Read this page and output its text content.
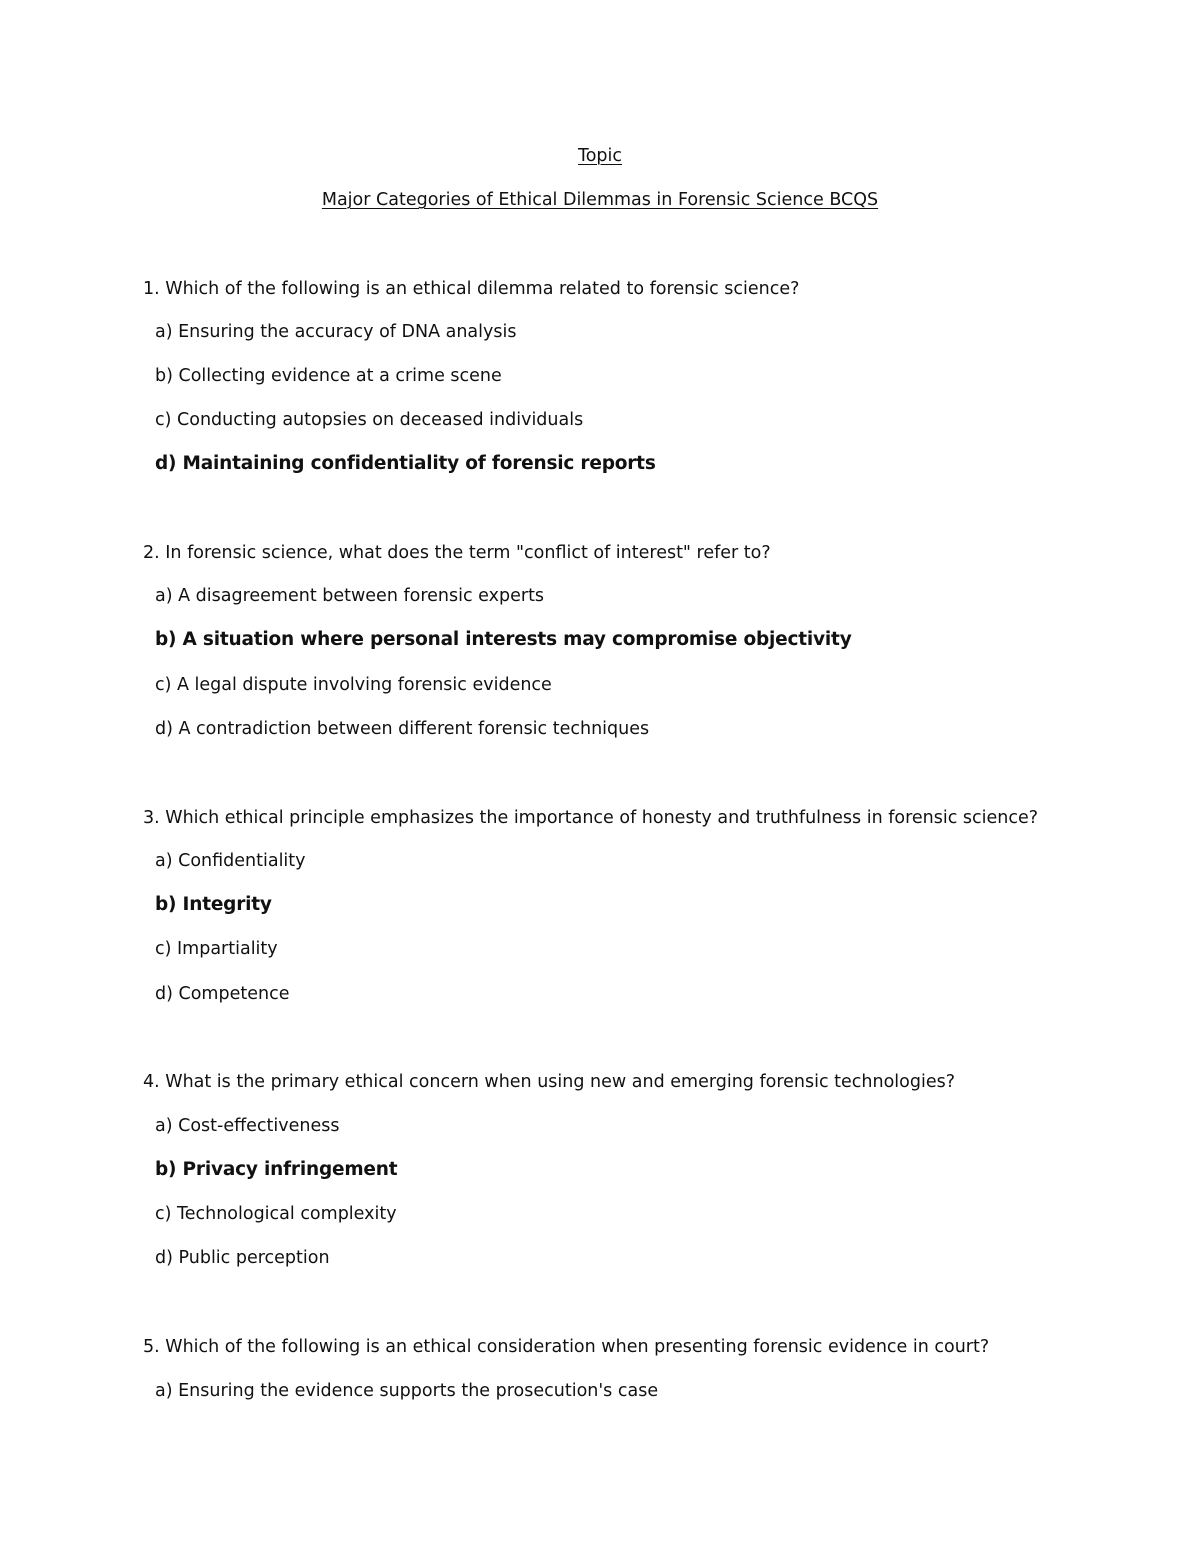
Topic
Major Categories of Ethical Dilemmas in Forensic Science BCQS
1. Which of the following is an ethical dilemma related to forensic science?
a) Ensuring the accuracy of DNA analysis
b) Collecting evidence at a crime scene
c) Conducting autopsies on deceased individuals
d) Maintaining confidentiality of forensic reports
2. In forensic science, what does the term "conflict of interest" refer to?
a) A disagreement between forensic experts
b) A situation where personal interests may compromise objectivity
c) A legal dispute involving forensic evidence
d) A contradiction between different forensic techniques
3. Which ethical principle emphasizes the importance of honesty and truthfulness in forensic science?
a) Confidentiality
b) Integrity
c) Impartiality
d) Competence
4. What is the primary ethical concern when using new and emerging forensic technologies?
a) Cost-effectiveness
b) Privacy infringement
c) Technological complexity
d) Public perception
5. Which of the following is an ethical consideration when presenting forensic evidence in court?
a) Ensuring the evidence supports the prosecution's case
